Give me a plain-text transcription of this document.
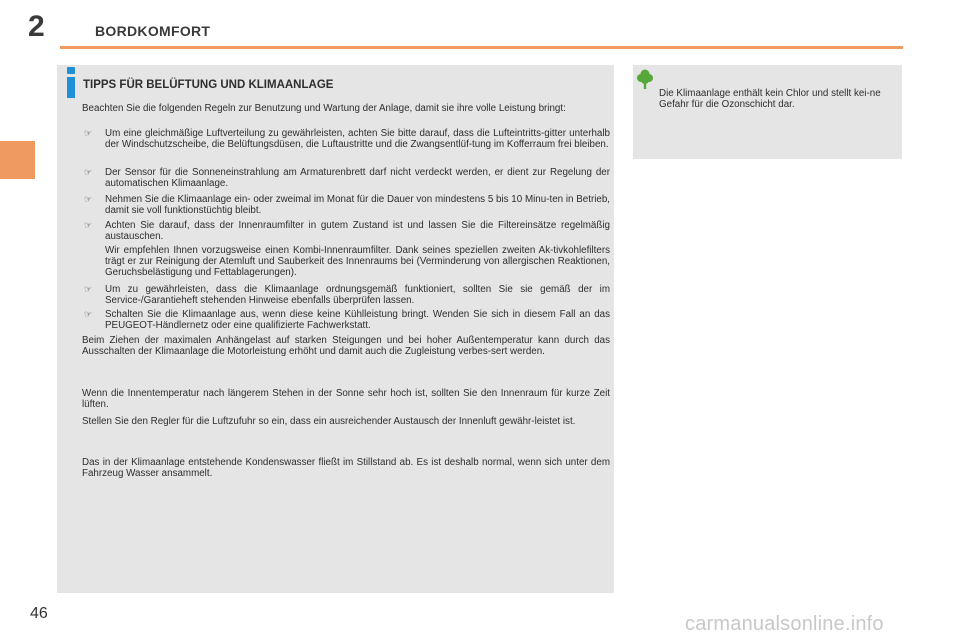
2	BORDKOMFORT
TIPPS FÜR BELÜFTUNG UND KLIMAANLAGE
Beachten Sie die folgenden Regeln zur Benutzung und Wartung der Anlage, damit sie ihre volle Leistung bringt:
☞ Um eine gleichmäßige Luftverteilung zu gewährleisten, achten Sie bitte darauf, dass die Lufteintritts-gitter unterhalb der Windschutzscheibe, die Belüftungsdüsen, die Luftaustritte und die Zwangsentlüf-tung im Kofferraum frei bleiben.
☞ Der Sensor für die Sonneneinstrahlung am Armaturenbrett darf nicht verdeckt werden, er dient zur Regelung der automatischen Klimaanlage.
☞ Nehmen Sie die Klimaanlage ein- oder zweimal im Monat für die Dauer von mindestens 5 bis 10 Minu-ten in Betrieb, damit sie voll funktionstüchtig bleibt.
☞ Achten Sie darauf, dass der Innenraumfilter in gutem Zustand ist und lassen Sie die Filtereinsätze regelmäßig austauschen.
Wir empfehlen Ihnen vorzugsweise einen Kombi-Innenraumfilter. Dank seines speziellen zweiten Ak-tivkohlefilters trägt er zur Reinigung der Atemluft und Sauberkeit des Innenraums bei (Verminderung von allergischen Reaktionen, Geruchsbelästigung und Fettablagerungen).
☞ Um zu gewährleisten, dass die Klimaanlage ordnungsgemäß funktioniert, sollten Sie sie gemäß der im Service-/Garantieheft stehenden Hinweise ebenfalls überprüfen lassen.
☞ Schalten Sie die Klimaanlage aus, wenn diese keine Kühlleistung bringt. Wenden Sie sich in diesem Fall an das PEUGEOT-Händlernetz oder eine qualifizierte Fachwerkstatt.
Beim Ziehen der maximalen Anhängelast auf starken Steigungen und bei hoher Außentemperatur kann durch das Ausschalten der Klimaanlage die Motorleistung erhöht und damit auch die Zugleistung verbes-sert werden.
Wenn die Innentemperatur nach längerem Stehen in der Sonne sehr hoch ist, sollten Sie den Innenraum für kurze Zeit lüften.
Stellen Sie den Regler für die Luftzufuhr so ein, dass ein ausreichender Austausch der Innenluft gewähr-leistet ist.
Das in der Klimaanlage entstehende Kondenswasser fließt im Stillstand ab. Es ist deshalb normal, wenn sich unter dem Fahrzeug Wasser ansammelt.
Die Klimaanlage enthält kein Chlor und stellt kei-ne Gefahr für die Ozonschicht dar.
46	carmanualsonline.info
